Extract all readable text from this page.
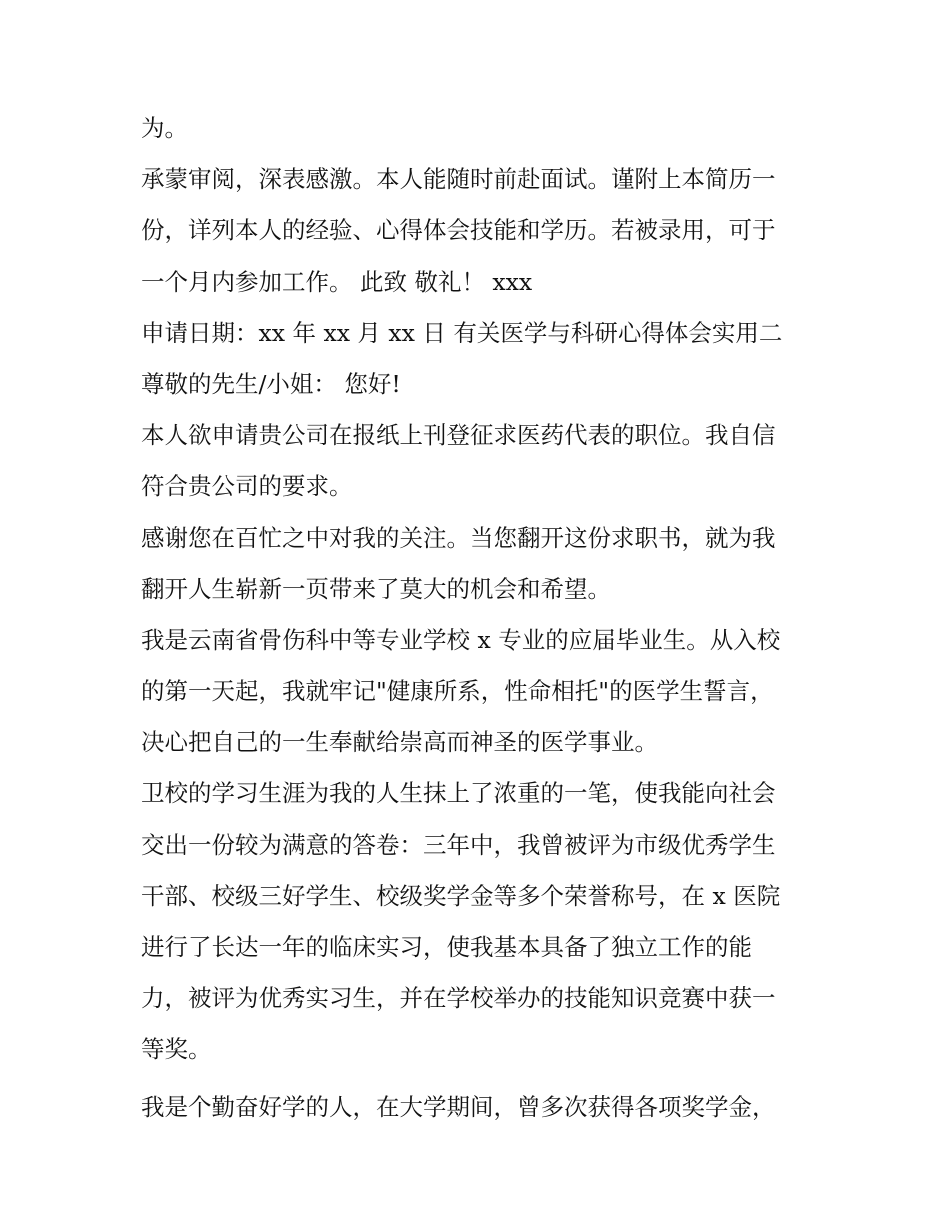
为。
承蒙审阅，深表感激。本人能随时前赴面试。谨附上本简历一
份，详列本人的经验、心得体会技能和学历。若被录用，可于
一个月内参加工作。 此致 敬礼！ xxx
申请日期：xx 年 xx 月 xx 日 有关医学与科研心得体会实用二
尊敬的先生/小姐： 您好!
本人欲申请贵公司在报纸上刊登征求医药代表的职位。我自信
符合贵公司的要求。
感谢您在百忙之中对我的关注。当您翻开这份求职书，就为我
翻开人生崭新一页带来了莫大的机会和希望。
我是云南省骨伤科中等专业学校 x 专业的应届毕业生。从入校
的第一天起，我就牢记"健康所系，性命相托"的医学生誓言，
决心把自己的一生奉献给崇高而神圣的医学事业。
卫校的学习生涯为我的人生抹上了浓重的一笔，使我能向社会
交出一份较为满意的答卷：三年中，我曾被评为市级优秀学生
干部、校级三好学生、校级奖学金等多个荣誉称号，在 x 医院
进行了长达一年的临床实习，使我基本具备了独立工作的能
力，被评为优秀实习生，并在学校举办的技能知识竞赛中获一
等奖。
我是个勤奋好学的人，在大学期间，曾多次获得各项奖学金，
